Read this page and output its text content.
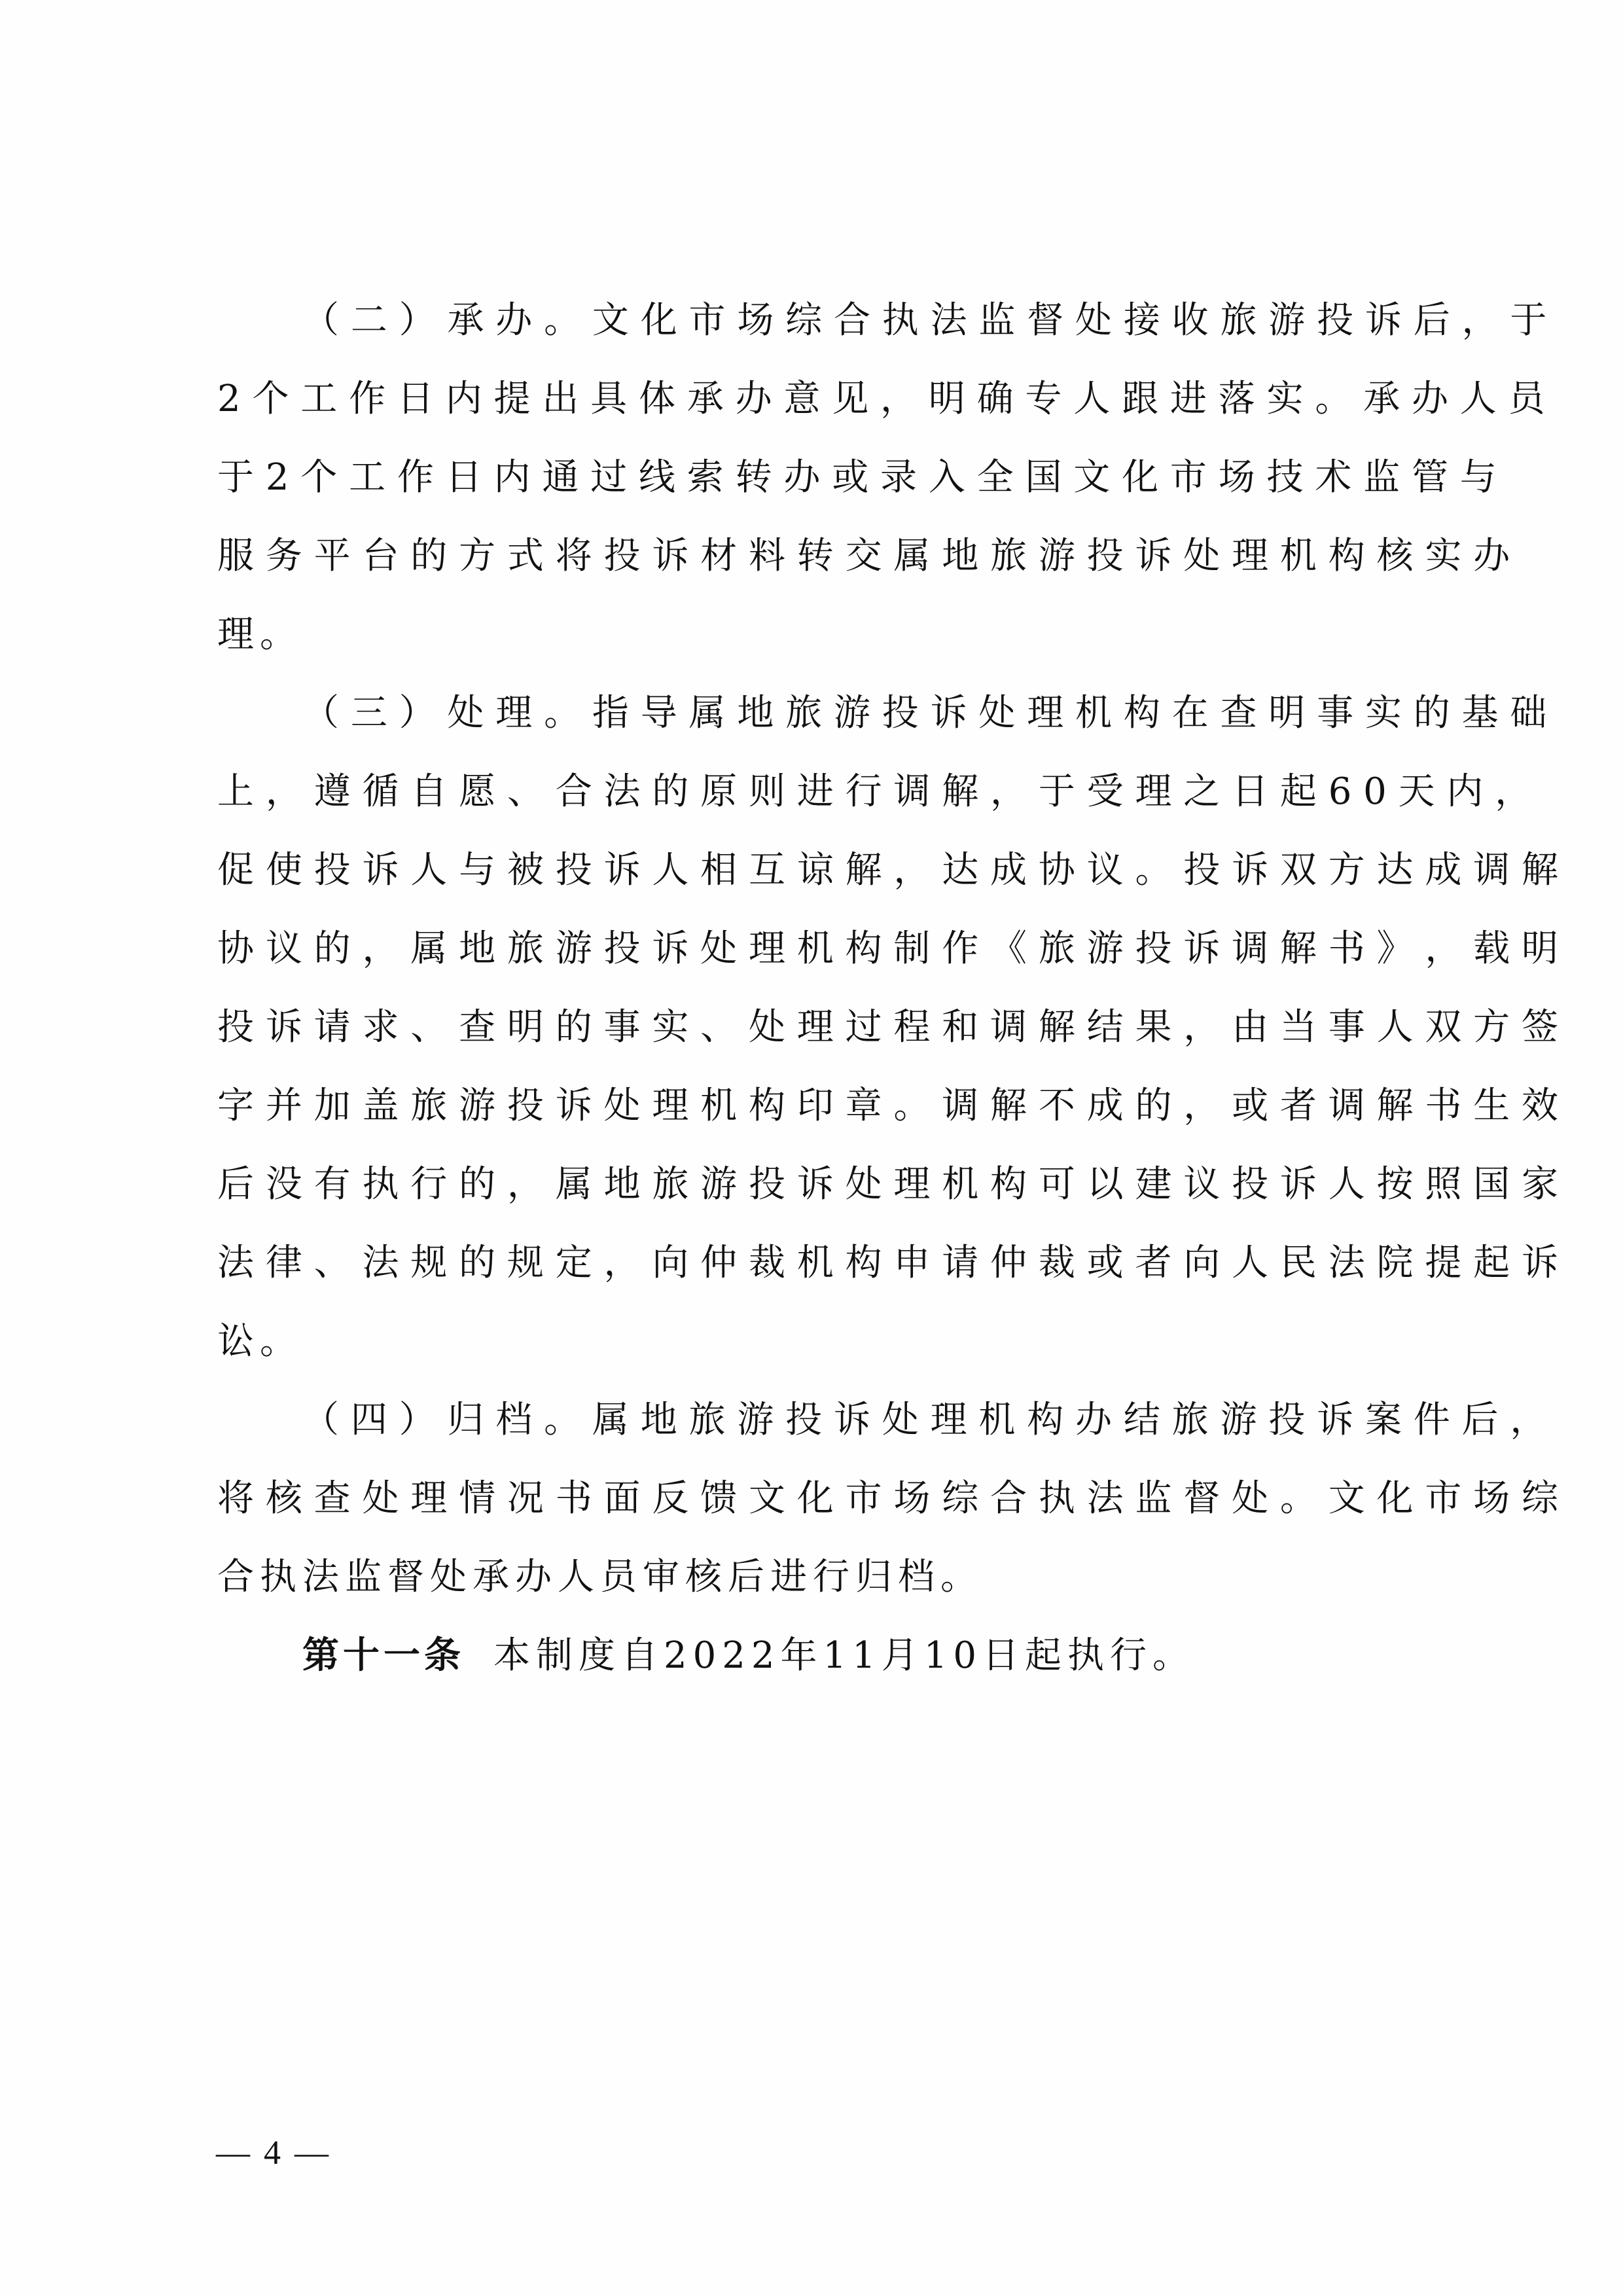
（ 二 ） 承 办 。 文 化 市 场 综 合 执 法 监 督 处 接 收 旅 游 投 诉 后 ， 于
2 个 工 作 日 内 提 出 具 体 承 办 意 见 ， 明 确 专 人 跟 进 落 实 。 承 办 人 员
于 2 个 工 作 日 内 通 过 线 索 转 办 或 录 入 全 国 文 化 市 场 技 术 监 管 与
服 务 平 台 的 方 式 将 投 诉 材 料 转 交 属 地 旅 游 投 诉 处 理 机 构 核 实 办
理。
（ 三 ） 处 理 。 指 导 属 地 旅 游 投 诉 处 理 机 构 在 查 明 事 实 的 基 础
上 ， 遵 循 自 愿 、 合 法 的 原 则 进 行 调 解 ， 于 受 理 之 日 起 6 0 天 内 ，
促 使 投 诉 人 与 被 投 诉 人 相 互 谅 解 ， 达 成 协 议 。 投 诉 双 方 达 成 调 解
协 议 的 ， 属 地 旅 游 投 诉 处 理 机 构 制 作 《 旅 游 投 诉 调 解 书 》 ， 载 明
投 诉 请 求 、 查 明 的 事 实 、 处 理 过 程 和 调 解 结 果 ， 由 当 事 人 双 方 签
字 并 加 盖 旅 游 投 诉 处 理 机 构 印 章 。 调 解 不 成 的 ， 或 者 调 解 书 生 效
后 没 有 执 行 的 ， 属 地 旅 游 投 诉 处 理 机 构 可 以 建 议 投 诉 人 按 照 国 家
法 律 、 法 规 的 规 定 ， 向 仲 裁 机 构 申 请 仲 裁 或 者 向 人 民 法 院 提 起 诉
讼。
（ 四 ） 归 档 。 属 地 旅 游 投 诉 处 理 机 构 办 结 旅 游 投 诉 案 件 后 ，
将 核 查 处 理 情 况 书 面 反 馈 文 化 市 场 综 合 执 法 监 督 处 。 文 化 市 场 综
合执法监督处承办人员审核后进行归档。
第十一条 本制度自2022年11月10日起执行。
— 4 —
